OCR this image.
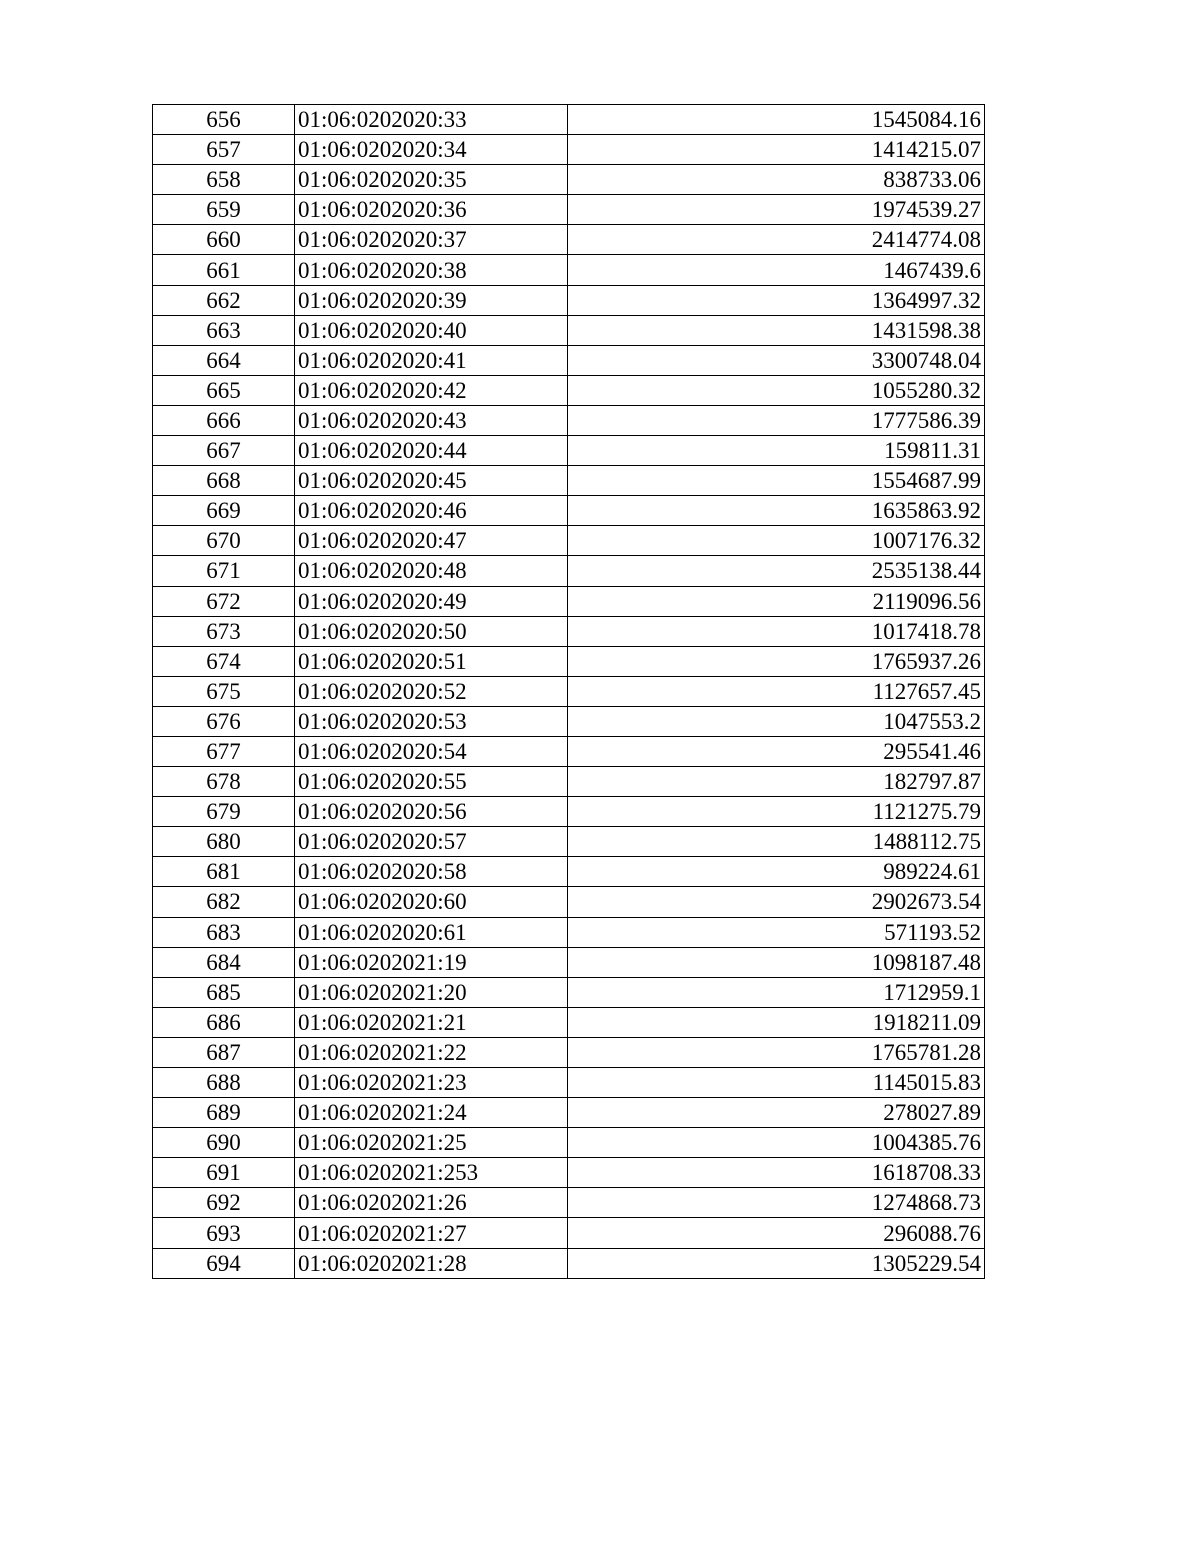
656	01:06:0202020:33	1545084.16
657	01:06:0202020:34	1414215.07
658	01:06:0202020:35	838733.06
659	01:06:0202020:36	1974539.27
660	01:06:0202020:37	2414774.08
661	01:06:0202020:38	1467439.6
662	01:06:0202020:39	1364997.32
663	01:06:0202020:40	1431598.38
664	01:06:0202020:41	3300748.04
665	01:06:0202020:42	1055280.32
666	01:06:0202020:43	1777586.39
667	01:06:0202020:44	159811.31
668	01:06:0202020:45	1554687.99
669	01:06:0202020:46	1635863.92
670	01:06:0202020:47	1007176.32
671	01:06:0202020:48	2535138.44
672	01:06:0202020:49	2119096.56
673	01:06:0202020:50	1017418.78
674	01:06:0202020:51	1765937.26
675	01:06:0202020:52	1127657.45
676	01:06:0202020:53	1047553.2
677	01:06:0202020:54	295541.46
678	01:06:0202020:55	182797.87
679	01:06:0202020:56	1121275.79
680	01:06:0202020:57	1488112.75
681	01:06:0202020:58	989224.61
682	01:06:0202020:60	2902673.54
683	01:06:0202020:61	571193.52
684	01:06:0202021:19	1098187.48
685	01:06:0202021:20	1712959.1
686	01:06:0202021:21	1918211.09
687	01:06:0202021:22	1765781.28
688	01:06:0202021:23	1145015.83
689	01:06:0202021:24	278027.89
690	01:06:0202021:25	1004385.76
691	01:06:0202021:253	1618708.33
692	01:06:0202021:26	1274868.73
693	01:06:0202021:27	296088.76
694	01:06:0202021:28	1305229.54
